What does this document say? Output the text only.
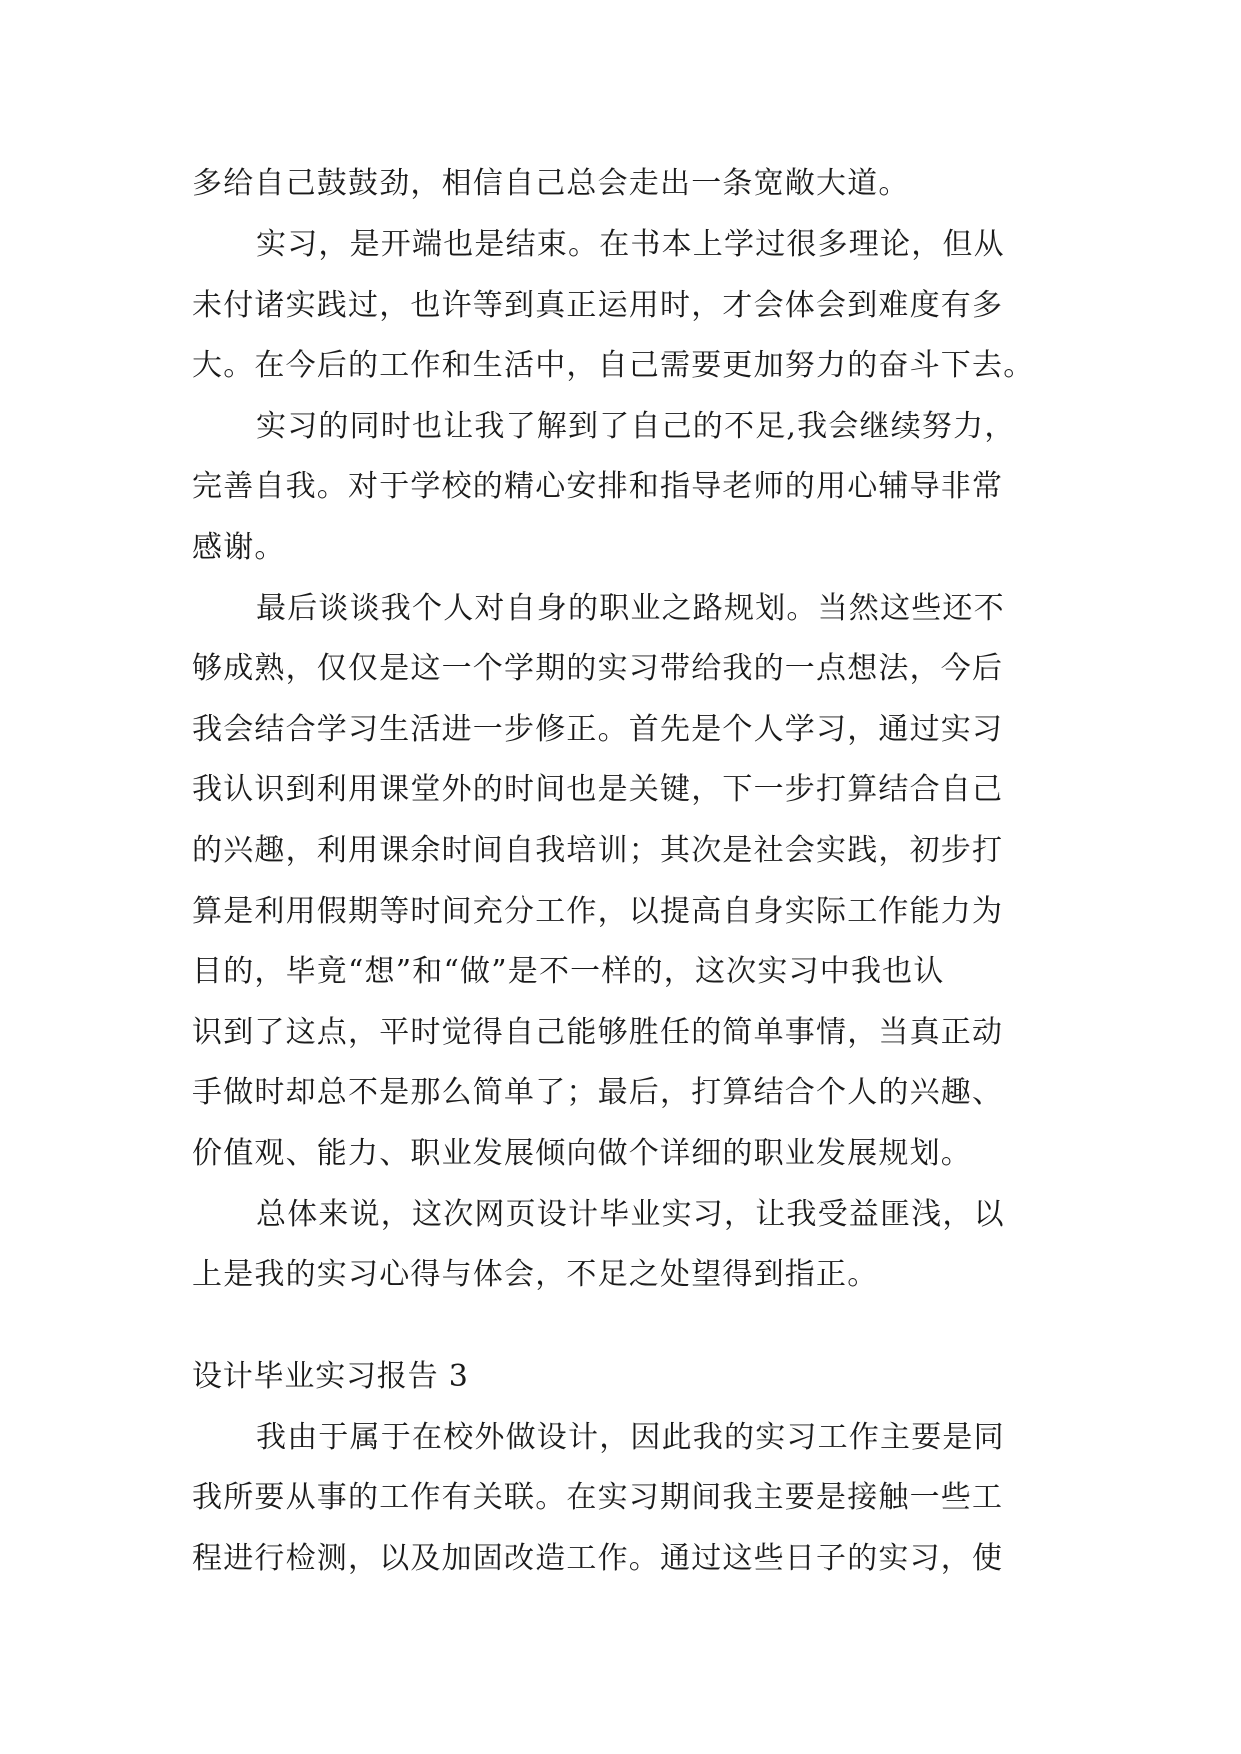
多给自己鼓鼓劲，相信自己总会走出一条宽敞大道。
实习，是开端也是结束。在书本上学过很多理论，但从
未付诸实践过，也许等到真正运用时，才会体会到难度有多
大。在今后的工作和生活中，自己需要更加努力的奋斗下去。
实习的同时也让我了解到了自己的不足,我会继续努力，
完善自我。对于学校的精心安排和指导老师的用心辅导非常
感谢。
最后谈谈我个人对自身的职业之路规划。当然这些还不
够成熟，仅仅是这一个学期的实习带给我的一点想法，今后
我会结合学习生活进一步修正。首先是个人学习，通过实习
我认识到利用课堂外的时间也是关键，下一步打算结合自己
的兴趣，利用课余时间自我培训；其次是社会实践，初步打
算是利用假期等时间充分工作，以提高自身实际工作能力为
目的，毕竟“想”和“做”是不一样的，这次实习中我也认
识到了这点，平时觉得自己能够胜任的简单事情，当真正动
手做时却总不是那么简单了；最后，打算结合个人的兴趣、
价值观、能力、职业发展倾向做个详细的职业发展规划。
总体来说，这次网页设计毕业实习，让我受益匪浅，以
上是我的实习心得与体会，不足之处望得到指正。
设计毕业实习报告 3
我由于属于在校外做设计，因此我的实习工作主要是同
我所要从事的工作有关联。在实习期间我主要是接触一些工
程进行检测，以及加固改造工作。通过这些日子的实习，使
